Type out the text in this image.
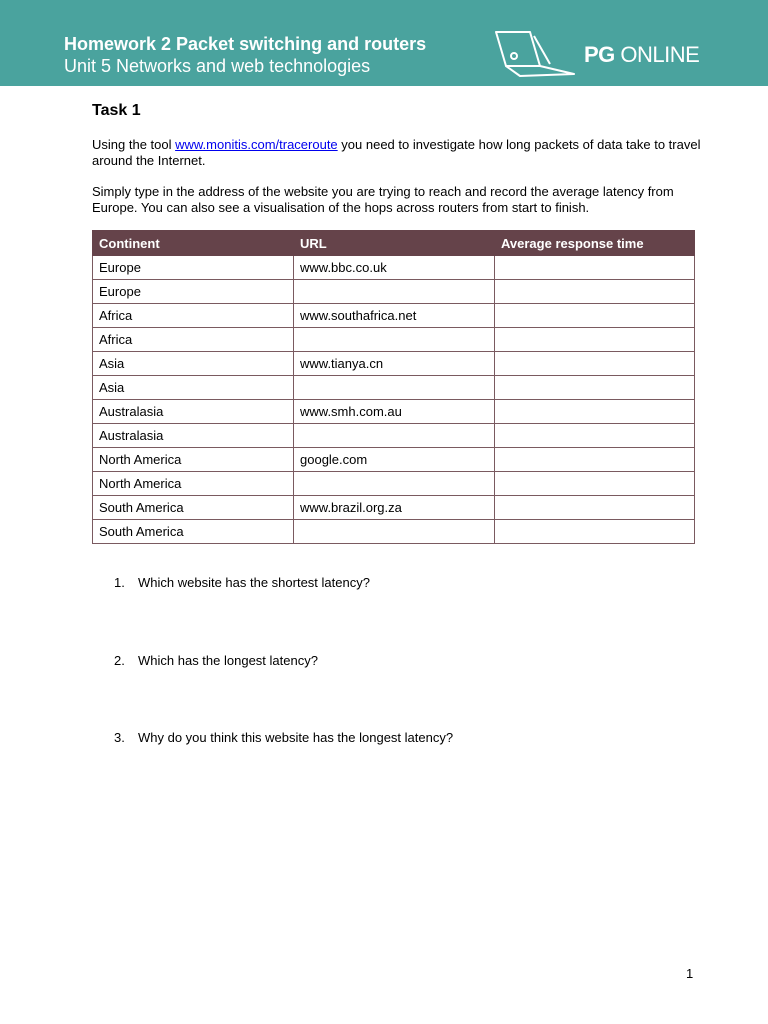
Homework 2 Packet switching and routers
Unit 5 Networks and web technologies	PG ONLINE
Task 1
Using the tool www.monitis.com/traceroute you need to investigate how long packets of data take to travel around the Internet.
Simply type in the address of the website you are trying to reach and record the average latency from Europe. You can also see a visualisation of the hops across routers from start to finish.
Continent	URL	Average response time
Europe	www.bbc.co.uk	
Europe		
Africa	www.southafrica.net	
Africa		
Asia	www.tianya.cn	
Asia		
Australasia	www.smh.com.au	
Australasia		
North America	google.com	
North America		
South America	www.brazil.org.za	
South America		
1. Which website has the shortest latency?
2. Which has the longest latency?
3. Why do you think this website has the longest latency?
1
